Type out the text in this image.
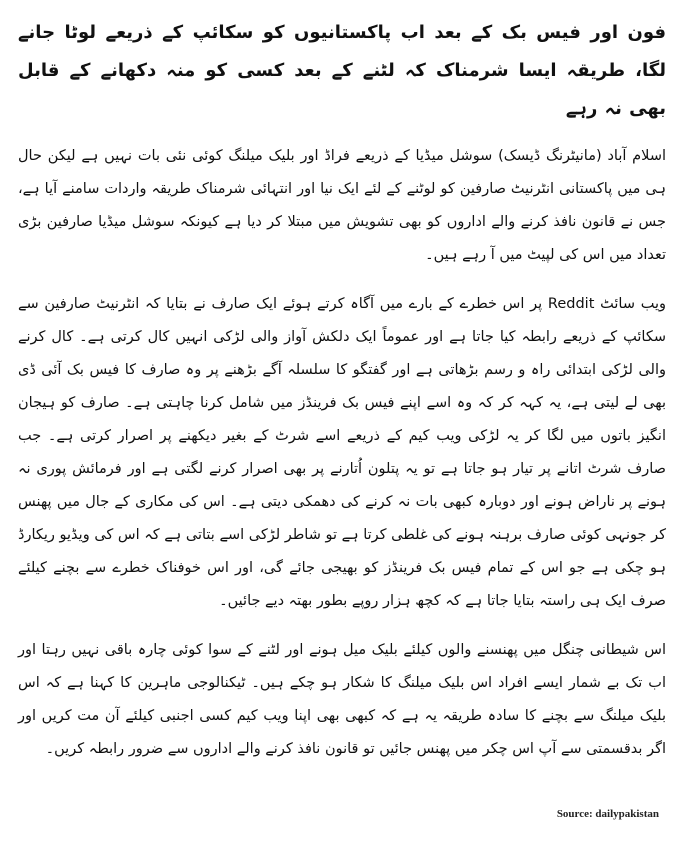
فون اور فیس بک کے بعد اب پاکستانیوں کو سکائپ کے ذریعے لوٹا جانے لگا، طریقہ ایسا شرمناک کہ لٹنے کے بعد کسی کو منہ دکھانے کے قابل بھی نہ رہے

اسلام آباد (مانیٹرنگ ڈیسک) سوشل میڈیا کے ذریعے فراڈ اور بلیک میلنگ کوئی نئی بات نہیں ہے لیکن حال ہی میں پاکستانی انٹرنیٹ صارفین کو لوٹنے کے لئے ایک نیا اور انتہائی شرمناک طریقہ واردات سامنے آیا ہے، جس نے قانون نافذ کرنے والے اداروں کو بھی تشویش میں مبتلا کر دیا ہے کیونکہ سوشل میڈیا صارفین بڑی تعداد میں اس کی لپیٹ میں آ رہے ہیں۔

ویب سائٹ Reddit پر اس خطرے کے بارے میں آگاہ کرتے ہوئے ایک صارف نے بتایا کہ انٹرنیٹ صارفین سے سکائپ کے ذریعے رابطہ کیا جاتا ہے اور عموماً ایک دلکش آواز والی لڑکی انہیں کال کرتی ہے۔ کال کرنے والی لڑکی ابتدائی راہ و رسم بڑھاتی ہے اور گفتگو کا سلسلہ آگے بڑھنے پر وہ صارف کا فیس بک آئی ڈی بھی لے لیتی ہے، یہ کہہ کر کہ وہ اسے اپنے فیس بک فرینڈز میں شامل کرنا چاہتی ہے۔ صارف کو ہیجان انگیز باتوں میں لگا کر یہ لڑکی ویب کیم کے ذریعے اسے شرٹ کے بغیر دیکھنے پر اصرار کرتی ہے۔ جب صارف شرٹ اتانے پر تیار ہو جاتا ہے تو یہ پتلون اُتارنے پر بھی اصرار کرنے لگتی ہے اور فرمائش پوری نہ ہونے پر ناراض ہونے اور دوبارہ کبھی بات نہ کرنے کی دھمکی دیتی ہے۔ اس کی مکاری کے جال میں پھنس کر جونہی کوئی صارف برہنہ ہونے کی غلطی کرتا ہے تو شاطر لڑکی اسے بتاتی ہے کہ اس کی ویڈیو ریکارڈ ہو چکی ہے جو اس کے تمام فیس بک فرینڈز کو بھیجی جائے گی، اور اس خوفناک خطرے سے بچنے کیلئے صرف ایک ہی راستہ بتایا جاتا ہے کہ کچھ ہزار روپے بطور بھتہ دیے جائیں۔

اس شیطانی چنگل میں پھنسنے والوں کیلئے بلیک میل ہونے اور لٹنے کے سوا کوئی چارہ باقی نہیں رہتا اور اب تک بے شمار ایسے افراد اس بلیک میلنگ کا شکار ہو چکے ہیں۔ ٹیکنالوجی ماہرین کا کہنا ہے کہ اس بلیک میلنگ سے بچنے کا سادہ طریقہ یہ ہے کہ کبھی بھی اپنا ویب کیم کسی اجنبی کیلئے آن مت کریں اور اگر بدقسمتی سے آپ اس چکر میں پھنس جائیں تو قانون نافذ کرنے والے اداروں سے ضرور رابطہ کریں۔

Source: dailypakistan
